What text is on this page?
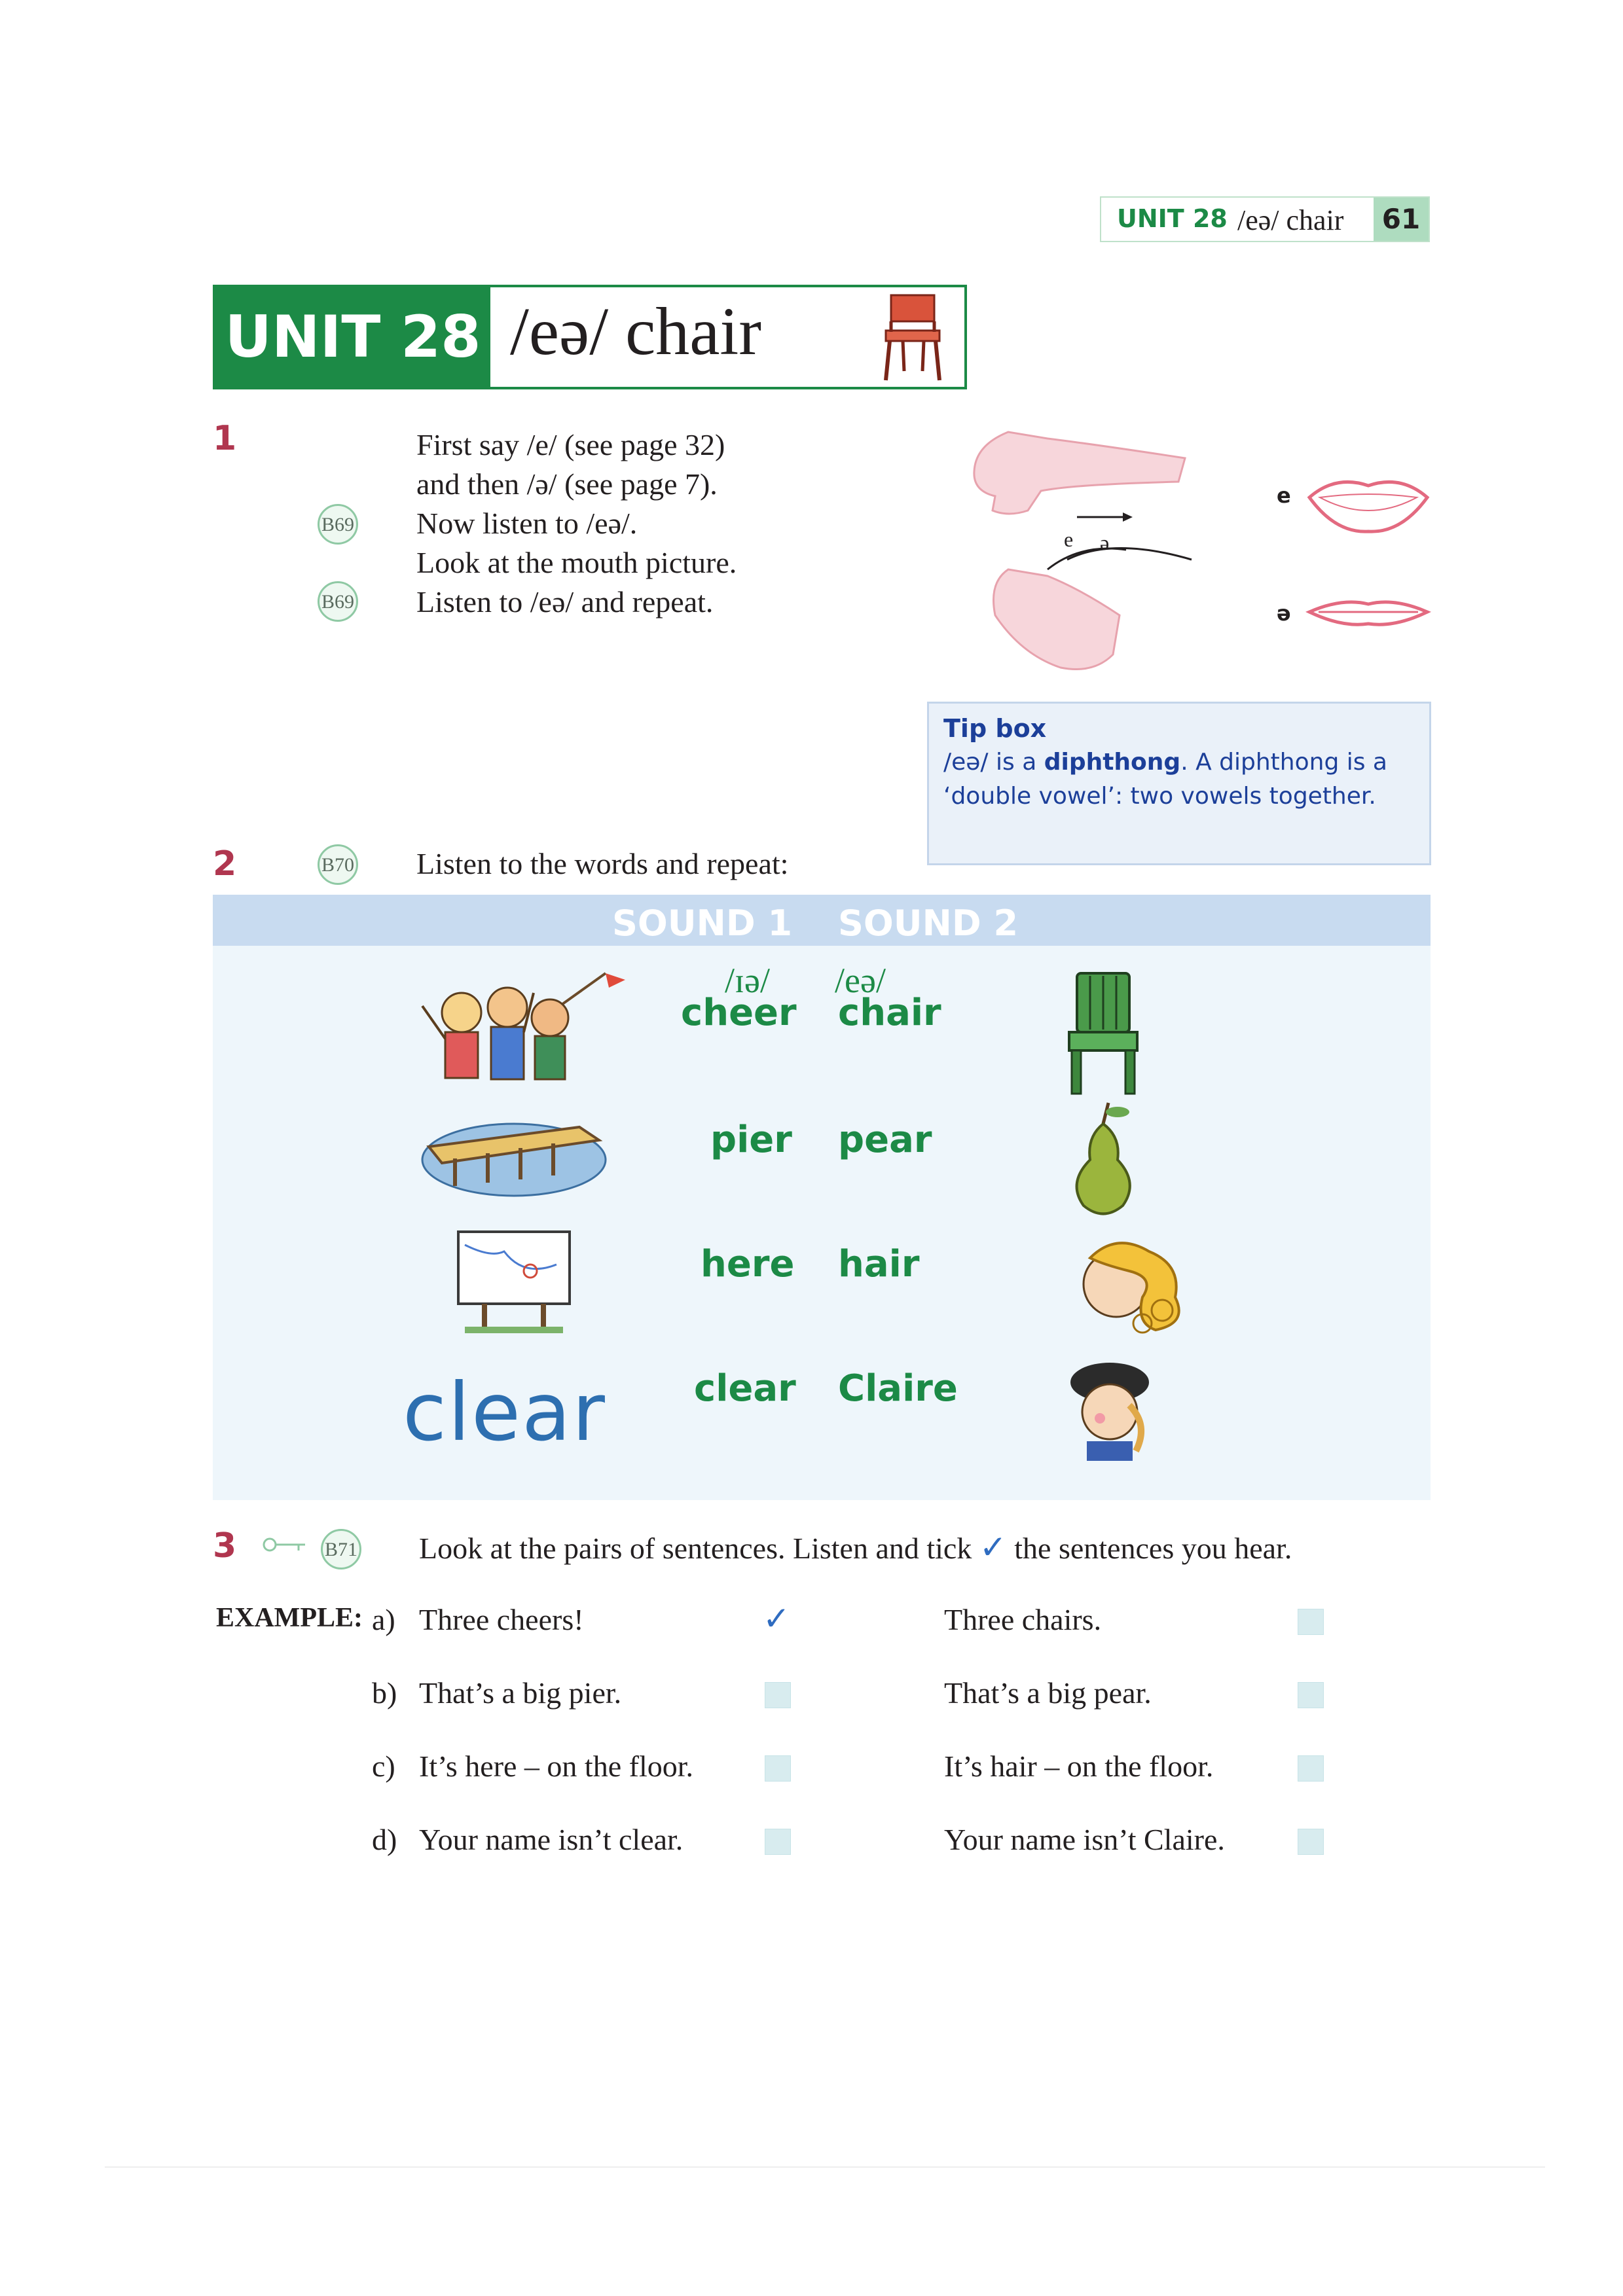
UNIT 28 /eə/ chair	61
UNIT 28 /eə/ chair
1
B69
B69
First say /e/ (see page 32)
and then /ə/ (see page 7).
Now listen to /eə/.
Look at the mouth picture.
Listen to /eə/ and repeat.
e ə
e
ə
Tip box
/eə/ is a diphthong. A diphthong is a
‘double vowel’: two vowels together.
2	B70 Listen to the words and repeat:
SOUND 1 SOUND 2
/ɪə/ /eə/
cheer chair
pier pear
here hair
clear Claire
clear
3	B71 Look at the pairs of sentences. Listen and tick ✓ the sentences you hear.
EXAMPLE: a) Three cheers!	✓	Three chairs.
b) That’s a big pier.	That’s a big pear.
c) It’s here – on the floor.	It’s hair – on the floor.
d) Your name isn’t clear.	Your name isn’t Claire.
